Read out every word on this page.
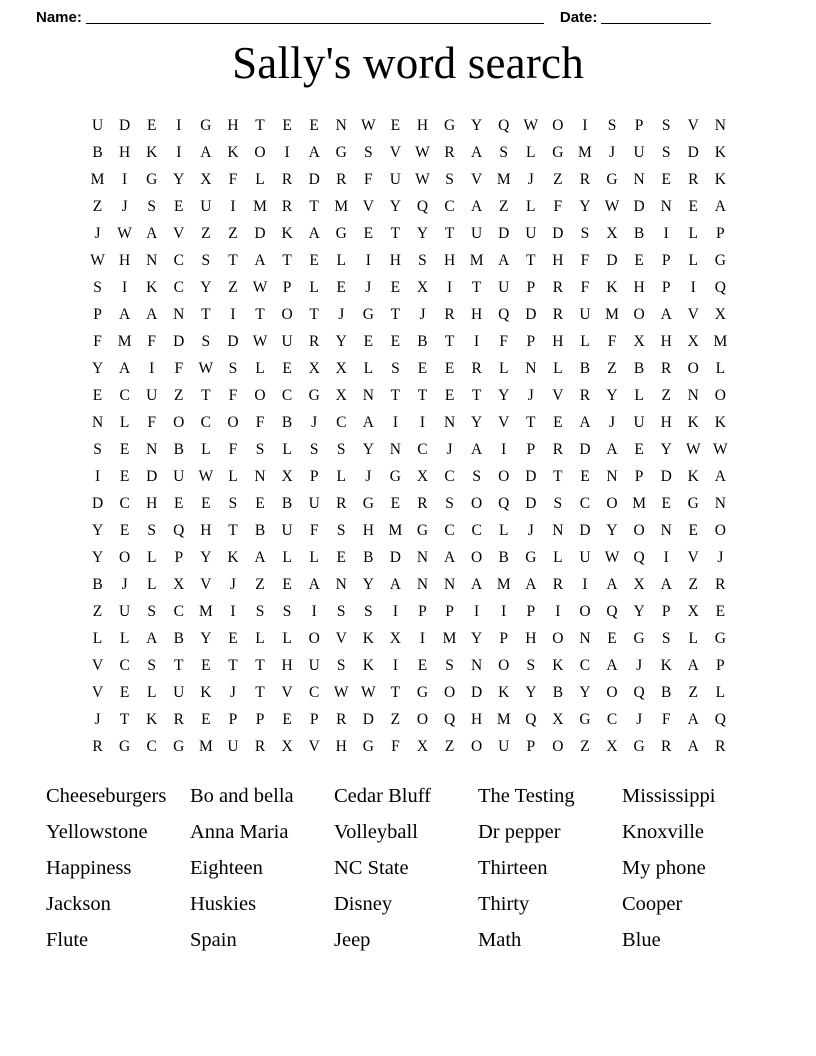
Name:	Date:
Sally's word search
U	D	E	I	G	H	T	E	E	N W E	H	G	Y	Q W O	I	S	P	S	V	N
B	H	K	I	A	K	O	I	A	G	S	V W R	A	S	L	G M	J	U	S	D	K
M	I	G	Y	X	F	L	R	D	R	F	U W S	V M	J	Z	R	G	N	E	R	K
Z	J	S	E	U	I	M R	T M V	Y	Q	C	A	Z	L	F	Y W D	N	E	A
J	W A	V	Z	Z	D	K	A	G	E	T	Y	T	U	D	U	D	S	X	B	I	L	P
W H	N	C	S	T	A	T	E	L	I	H	S	H M A	T	H	F	D	E	P	L	G
S	I	K	C	Y	Z W P	L	E	J	E	X	I	T	U	P	R	F	K	H	P	I	Q
P	A	A	N	T	I	T	O	T	J	G	T	J	R	H	Q	D	R	U M O	A	V	X
F	M	F	D	S	D W U	R	Y	E	E	B	T	I	F	P	H	L	F	X	H	X M
Y	A	I	F W S	L	E	X	X	L	S	E	E	R	L	N	L	B	Z	B	R	O	L
E	C	U	Z	T	F	O	C	G	X	N	T	T	E	T	Y	J	V	R	Y	L	Z	N	O
N	L	F	O	C	O	F	B	J	C	A	I	I	N	Y	V	T	E	A	J	U	H	K	K
S	E	N	B	L	F	S	L	S	S	Y	N	C	J	A	I	P	R	D	A	E	Y W W
I	E	D	U W L	N	X	P	L	J	G	X	C	S	O	D	T	E	N	P	D	K	A
D	C	H	E	E	S	E	B	U	R	G	E	R	S	O	Q	D	S	C	O M E	G	N
Y	E	S	Q	H	T	B	U	F	S	H M G	C	C	L	J	N	D	Y	O	N	E	O
Y	O	L	P	Y	K	A	L	L	E	B	D	N	A	O	B	G	L	U W Q	I	V	J
B	J	L	X	V	J	Z	E	A	N	Y	A	N	N	A M A	R	I	A	X	A	Z	R
Z	U	S	C M	I	S	S	I	S	S	I	P	P	I	I	P	I	O	Q	Y	P	X	E
L	L	A	B	Y	E	L	L	O	V	K	X	I	M Y	P	H	O	N	E	G	S	L	G
V	C	S	T	E	T	T	H	U	S	K	I	E	S	N	O	S	K	C	A	J	K	A	P
V	E	L	U	K	J	T	V	C W W T	G	O	D	K	Y	B	Y	O	Q	B	Z	L
J	T	K	R	E	P	P	E	P	R	D	Z	O	Q	H M Q	X	G	C	J	F	A	Q
R	G	C	G M U	R	X	V	H	G	F	X	Z	O	U	P	O	Z	X	G	R	A	R
Cheeseburgers	Bo and bella	Cedar Bluff	The Testing	Mississippi
Yellowstone	Anna Maria	Volleyball	Dr pepper	Knoxville
Happiness	Eighteen	NC State	Thirteen	My phone
Jackson	Huskies	Disney	Thirty	Cooper
Flute	Spain	Jeep	Math	Blue
